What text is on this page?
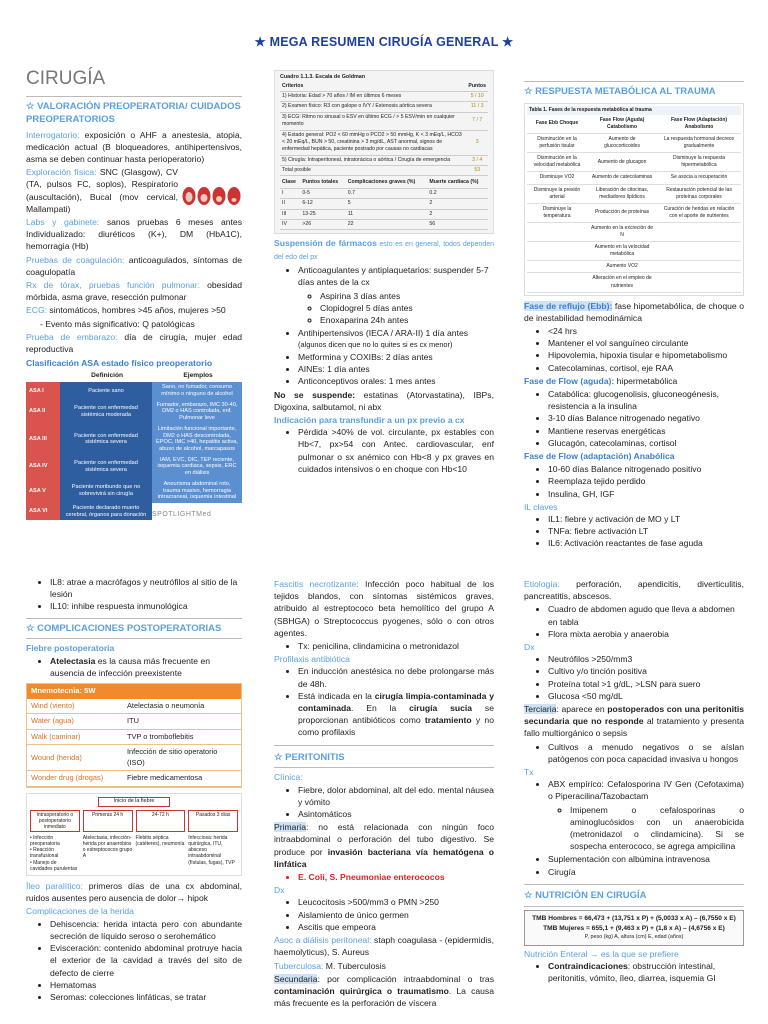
★ MEGA RESUMEN CIRUGÍA GENERAL ★
CIRUGÍA
☆ VALORACIÓN PREOPERATORIA/ CUIDADOS PREOPERATORIOS

Interrogatorio: exposición o AHF a anestesia, atopia, medicación actual (B bloqueadores, antihipertensivos, asma se deben continuar hasta perioperatorio)

Exploración física: SNC (Glasgow), CV (TA, pulsos FC, soplos), Respiratorio (auscultación), Bucal (mov cervical, Mallampati)

Labs y gabinete: sanos pruebas 6 meses antes Individualizado: diuréticos (K+), DM (HbA1C), hemorragia (Hb)

Pruebas de coagulación: anticoagulados, síntomas de coagulopatía

Rx de tórax, pruebas función pulmonar: obesidad mórbida, asma grave, resección pulmonar

ECG: sintomáticos, hombres >45 años, mujeres >50

- Evento más significativo: Q patológicas

Prueba de embarazo: día de cirugía, mujer edad reproductiva

Clasificación ASA estado físico preoperatorio
	Definición	Ejemplos
ASA I	Paciente sano	Sano, no fumador, consumo mínimo o ninguno de alcohol
ASA II	Paciente con enfermedad sistémica moderada	Fumador, embarazo, IMC 30-40, DM2 o HAS controlada, enf. Pulmonar leve
ASA III	Paciente con enfermedad sistémica severa	Limitación funcional importante, DM2 o HAS descontrolada, EPOC, IMC >40, hepatitis activa, abuso de alcohol, marcapasos
ASA IV	Paciente con enfermedad sistémica severa	IAM, EVC, DIC, TEP reciente, isquemia cardiaca, sepsis, ERC en diálisis
ASA V	Paciente moribundo que no sobrevivirá sin cirugía	Aneurisma abdominal roto, trauma masivo, hemorragia intracraneal, isquemia intestinal
ASA VI	Paciente declarado muerto cerebral, órganos para donación	
Cuadro 1.1.3. Escala de Goldman
Criterios	Puntos
1) Historia: Edad > 70 años / IM en últimos 6 meses	5 / 10
2) Examen físico: R3 con galope o IVY / Estenosis aórtica severa	11 / 3
3) ECG: Ritmo no sinusal o ESV en último ECG / > 5 ESV/min en cualquier momento	7 / 7
4) Estado general: PO2 < 60 mmHg o PCO2 > 50 mmHg, K < 3 mEq/L, HCO3 < 20 mEq/L, BUN > 50, creatinina > 3 mg/dL, AST anormal, signos de enfermedad hepática, paciente postrado por causas no cardiacas	3
5) Cirugía: Intraperitoneal, intratorácica o aórtica / Cirugía de emergencia	3 / 4
Total posible	53
Clase	Puntos totales	Complicaciones graves (%)	Muerte cardiaca (%)
I	0-5	0.7	0.2
II	6-12	5	2
III	13-25	11	2
IV	>26	22	56

Suspensión de fármacos esto es en general, todos dependen del edo del px

• Anticoagulantes y antiplaquetarios: suspender 5-7 días antes de la cx
◦ Aspirina 3 días antes
◦ Clopidogrel 5 días antes
◦ Enoxaparina 24h antes
• Antihipertensivos (IECA / ARA-II) 1 día antes
(algunos dicen que no lo quites si es cx menor)
• Metformina y COXIBs: 2 días antes
• AINEs: 1 día antes
• Anticonceptivos orales: 1 mes antes

No se suspende: estatinas (Atorvastatina), IBPs, Digoxina, salbutamol, ni abx

Indicación para transfundir a un px previo a cx
• Pérdida >40% de vol. circulante, px estables con Hb<7, px>54 con Antec. cardiovascular, enf pulmonar o sx anémico con Hb<8 y px graves en cuidados intensivos o en choque con Hb<10
☆ RESPUESTA METABÓLICA AL TRAUMA
Tabla 1. Fases de la respuesta metabólica al trauma
Fase Ebb Choque	Fase Flow (Aguda) Catabolismo	Fase Flow (Adaptación) Anabolismo
Disminución en la perfusión tisular	Aumento de glucocorticoides	La respuesta hormonal decrece gradualmente
Disminución en la velocidad metabólica	Aumento de glucagon	Disminuye la respuesta hipermetabólica
Disminuye VO2	Aumento de catecolaminas	Se asocia a recuperación
Disminuye la presión arterial	Liberación de citocinas, mediadores lipídicos	Restauración potencial de las proteínas corporales
Disminuye la temperatura	Producción de proteínas	Curación de heridas en relación con el aporte de nutrientes
	Aumento en la excreción de N	
	Aumento en la velocidad metabólica	
	Aumento VO2	
	Alteración en el empleo de nutrientes	

Fase de reflujo (Ebb): fase hipometabólica, de choque o de inestabilidad hemodinámica

• <24 hrs
• Mantener el vol sanguíneo circulante
• Hipovolemia, hipoxia tisular e hipometabolismo
• Catecolaminas, cortisol, eje RAA

Fase de Flow (aguda): hipermetabólica

• Catabólica: glucogenolisis, gluconeogénesis, resistencia a la insulina
• 3-10 días Balance nitrogenado negativo
• Mantiene reservas energéticas
• Glucagón, catecolaminas, cortisol

Fase de Flow (adaptación) Anabólica

• 10-60 días Balance nitrogenado positivo
• Reemplaza tejido perdido
• Insulina, GH, IGF
IL claves
• IL1: fiebre y activación de MO y LT
• TNFa: fiebre activación LT
• IL6: Activación reactantes de fase aguda
• IL8: atrae a macrófagos y neutrófilos al sitio de la lesión
• IL10: inhibe respuesta inmunológica
☆ COMPLICACIONES POSTOPERATORIAS
Fiebre postoperatoria
• Atelectasia es la causa más frecuente en ausencia de infección preexistente
Mnemotecnia: 5W
Wind (viento)	Atelectasia o neumonía
Water (agua)	ITU
Walk (caminar)	TVP o tromboflebitis
Wound (herida)	Infección de sitio operatorio (ISO)
Wonder drug (drogas)	Fiebre medicamentosa
Inicio de la fiebre
Intraoperatorio o postoperatorio inmediato
Primeras 24 h	24-72 h	Pasados 3 días
• Infección preoperatoria
• Reacción transfusional
• Manejo de cavidades purulentas
Atelectasia, infección-herida por anaerobios o estreptococos grupo A
Flebitis séptica (catéteres), neumonía
Infecciosa: herida quirúrgica, ITU, absceso intraabdominal (fístulas, fugas), TVP

Íleo paralítico: primeros días de una cx abdominal, ruidos ausentes pero ausencia de dolor→ hipok

Complicaciones de la herida
• Dehiscencia: herida intacta pero con abundante secreción de líquido seroso o serohemático
• Evisceración: contenido abdominal protruye hacia el exterior de la cavidad a través del sito de defecto de cierre
• Hematomas
• Seromas: colecciones linfáticas, se tratar

Fascitis necrotizante: Infección poco habitual de los tejidos blandos, con síntomas sistémicos graves, atribuido al estreptococo beta hemolítico del grupo A (SBHGA) o Streptococcus pyogenes, sólo o con otros agentes.

• Tx: penicilina, clindamicina o metronidazol
Profilaxis antibiótica
• En inducción anestésica no debe prolongarse más de 48h.
• Está indicada en la cirugía limpia-contaminada y contaminada. En la cirugía sucia se proporcionan antibióticos como tratamiento y no como profilaxis
☆ PERITONITIS
Clínica:
• Fiebre, dolor abdominal, alt del edo. mental náusea y vómito
• Asintomáticos

Primaria: no está relacionada con ningún foco intraabdominal o perforación del tubo digestivo. Se produce por invasión bacteriana vía hematógena o linfática

• E. Coli, S. Pneumoniae enterococos
Dx
• Leucocitosis >500/mm3 o PMN >250
• Aislamiento de único germen
• Ascitis que empeora

Asoc a diálisis peritoneal: staph coagulasa - (epidermidis, haemolyticus), S. Aureus

Tuberculosa: M. Tuberculosis

Secundaria: por complicación intraabdominal o tras contaminación quirúrgica o traumatismo. La causa más frecuente es la perforación de víscera

Etiología: perforación, apendicitis, diverticulitis, pancreatitis, abscesos.

• Cuadro de abdomen agudo que lleva a abdomen en tabla
• Flora mixta aerobia y anaerobia
Dx
• Neutrófilos >250/mm3
• Cultivo y/o tinción positiva
• Proteína total >1 g/dL, >LSN para suero
• Glucosa <50 mg/dL

Terciaria: aparece en postoperados con una peritonitis secundaria que no responde al tratamiento y presenta fallo multiorgánico o sepsis

• Cultivos a menudo negativos o se aíslan patógenos con poca capacidad invasiva u hongos
Tx
• ABX empírico: Cefalosporina IV Gen (Cefotaxima) o Piperacilina/Tazobactam
◦ Imipenem o cefalosporinas o aminoglucósidos con un anaerobicida (metronidazol o clindamicina). Si se sospecha enterococo, se agrega ampicilina
• Suplementación con albúmina intravenosa
• Cirugía
☆ NUTRICIÓN EN CIRUGÍA
TMB Hombres = 66,473 + (13,751 x P) + (5,0033 x A) – (6,7550 x E)
TMB Mujeres = 655,1 + (9,463 x P) + (1,8 x A) – (4,6756 x E)
P, peso (kg) A, altura (cm) E, edad (años)
Nutrición Enteral → es la que se prefiere
• Contraindicaciones: obstrucción intestinal, peritonitis, vómito, íleo, diarrea, isquemia GI
SPOTLIGHTMed
